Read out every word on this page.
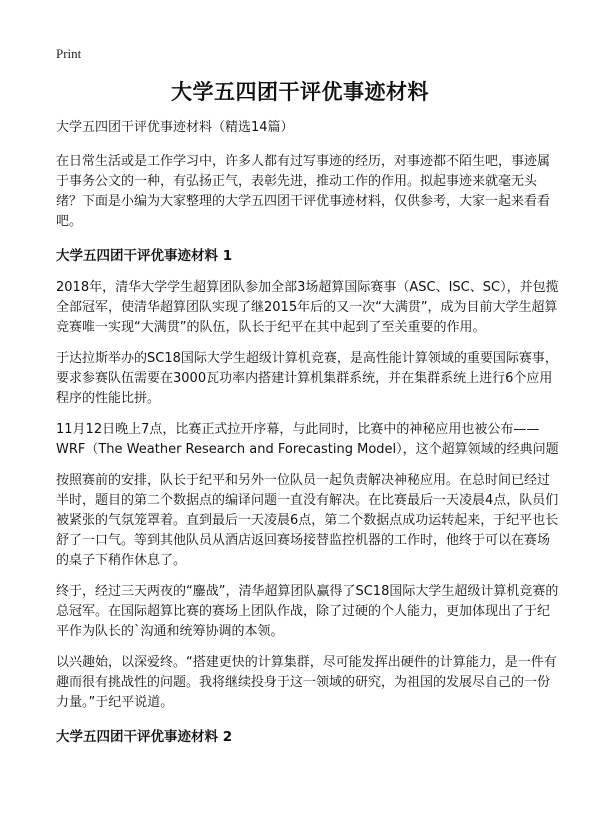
Print
大学五四团干评优事迹材料
大学五四团干评优事迹材料（精选14篇）

在日常生活或是工作学习中，许多人都有过写事迹的经历，对事迹都不陌生吧，事迹属于事务公文的一种，有弘扬正气，表彰先进，推动工作的作用。拟起事迹来就毫无头绪？下面是小编为大家整理的大学五四团干评优事迹材料，仅供参考，大家一起来看看吧。

大学五四团干评优事迹材料 1

2018年，清华大学学生超算团队参加全部3场超算国际赛事（ASC、ISC、SC），并包揽全部冠军，使清华超算团队实现了继2015年后的又一次“大满贯”，成为目前大学生超算竞赛唯一实现“大满贯”的队伍，队长于纪平在其中起到了至关重要的作用。

于达拉斯举办的SC18国际大学生超级计算机竞赛，是高性能计算领域的重要国际赛事，要求参赛队伍需要在3000瓦功率内搭建计算机集群系统，并在集群系统上进行6个应用程序的性能比拼。

11月12日晚上7点，比赛正式拉开序幕，与此同时，比赛中的神秘应用也被公布——WRF（The Weather Research and Forecasting Model），这个超算领域的经典问题

按照赛前的安排，队长于纪平和另外一位队员一起负责解决神秘应用。在总时间已经过半时，题目的第二个数据点的编译问题一直没有解决。在比赛最后一天凌晨4点，队员们被紧张的气氛笼罩着。直到最后一天凌晨6点，第二个数据点成功运转起来，于纪平也长舒了一口气。等到其他队员从酒店返回赛场接替监控机器的工作时，他终于可以在赛场的桌子下稍作休息了。

终于，经过三天两夜的“鏖战”，清华超算团队赢得了SC18国际大学生超级计算机竞赛的总冠军。在国际超算比赛的赛场上团队作战，除了过硬的个人能力，更加体现出了于纪平作为队长的`沟通和统筹协调的本领。

以兴趣始，以深爱终。“搭建更快的计算集群，尽可能发挥出硬件的计算能力，是一件有趣而很有挑战性的问题。我将继续投身于这一领域的研究，为祖国的发展尽自己的一份力量。”于纪平说道。

大学五四团干评优事迹材料 2
